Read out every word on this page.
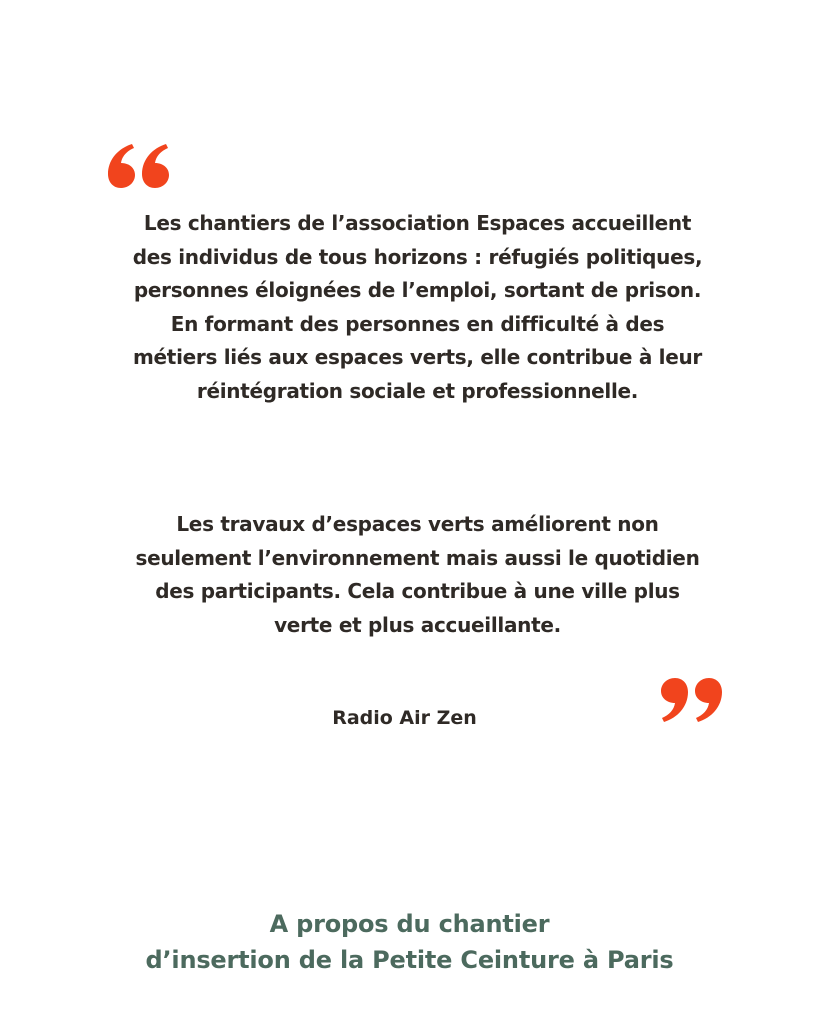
Les chantiers de l’association Espaces accueillent des individus de tous horizons : réfugiés politiques, personnes éloignées de l’emploi, sortant de prison. En formant des personnes en difficulté à des métiers liés aux espaces verts, elle contribue à leur réintégration sociale et professionnelle.

Les travaux d’espaces verts améliorent non seulement l’environnement mais aussi le quotidien des participants. Cela contribue à une ville plus verte et plus accueillante.

Radio Air Zen

A propos du chantier
d’insertion de la Petite Ceinture à Paris
